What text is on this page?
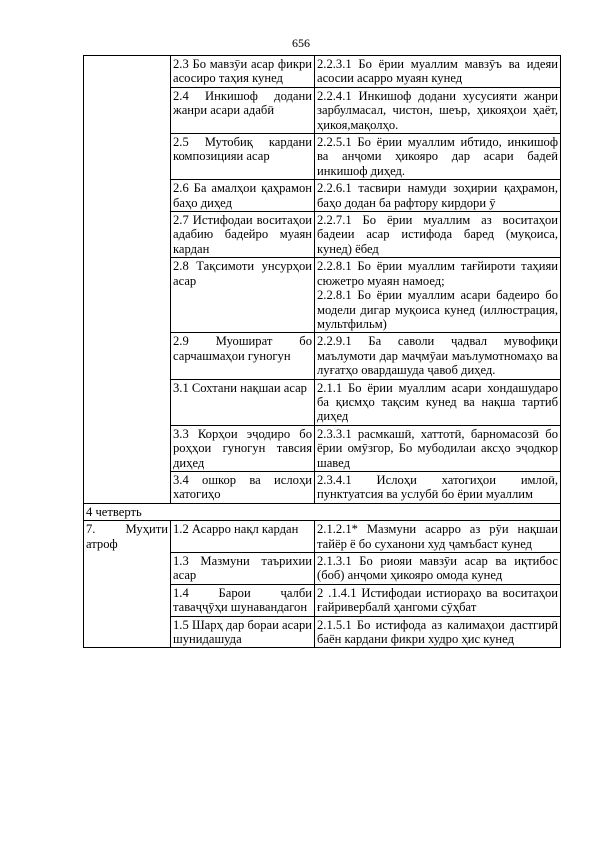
656
	2.3 Бо мавзӯи асар фикри асосиро таҳия кунед	2.2.3.1 Бо ёрии муаллим мавзӯъ ва идеяи асосии асарро муаян кунед
	2.4 Инкишоф додани жанри асари адабӣ	2.2.4.1 Инкишоф додани хусусияти жанри зарбулмасал, чистон, шеър, ҳикояҳои ҳаёт, ҳикоя,мақолҳо.
	2.5 Мутобиқ кардани композицияи асар	2.2.5.1 Бо ёрии муаллим ибтидо, инкишоф ва анҷоми ҳикояро дар асари бадеӣ инкишоф диҳед.
	2.6 Ба амалҳои қаҳрамон баҳо диҳед	2.2.6.1 тасвири намуди зоҳирии қаҳрамон, баҳо додан ба рафтору кирдори ӯ
	2.7 Истифодаи воситаҳои адабию бадейро муаян кардан	2.2.7.1 Бо ёрии муаллим аз воситаҳои бадеии асар истифода баред (муқоиса, кунед) ёбед
	2.8 Тақсимоти унсурҳои асар	2.2.8.1 Бо ёрии муаллим тағйироти таҳияи сюжетро муаян намоед;
2.2.8.1 Бо ёрии муаллим асари бадеиро бо модели дигар муқоиса кунед (иллюстрация, мультфильм)

	2.9 Муошират бо сарчашмаҳои гуногун	2.2.9.1 Ба саволи ҷадвал мувофиқи маълумоти дар маҷмӯаи маълумотномаҳо ва луғатҳо овардашуда ҷавоб диҳед.
	3.1 Сохтани нақшаи асар	2.1.1 Бо ёрии муаллим асари хондашударо ба қисмҳо тақсим кунед ва нақша тартиб диҳед
	3.3 Корҳои эҷодиро бо роҳҳои гуногун тавсия диҳед	2.3.3.1 расмкашӣ, хаттотӣ, барномасозӣ бо ёрии омӯзгор, Бо мубодилаи аксҳо эҷодкор шавед
	3.4 ошкор ва ислоҳи хатогиҳо	2.3.4.1 Ислоҳи хатогиҳои имлоӣ, пунктуатсия ва услубӣ бо ёрии муаллим
4 четверть		
7. Муҳити атроф	1.2 Асарро нақл кардан	2.1.2.1* Мазмуни асарро аз рӯи нақшаи тайёр ё бо суханони худ ҷамъбаст кунед
	1.3 Мазмуни таърихии асар	2.1.3.1 Бо риояи мавзӯи асар ва иқтибос (боб) анҷоми ҳикояро омода кунед
	1.4 Барои ҷалби таваҷҷӯҳи шунавандагон	2 .1.4.1 Истифодаи истиораҳо ва воситаҳои ғайривербалӣ ҳангоми сӯҳбат
	1.5 Шарҳ дар бораи асари шунидашуда	2.1.5.1 Бо истифода аз калимаҳои дастгирӣ баён кардани фикри худро ҳис кунед
